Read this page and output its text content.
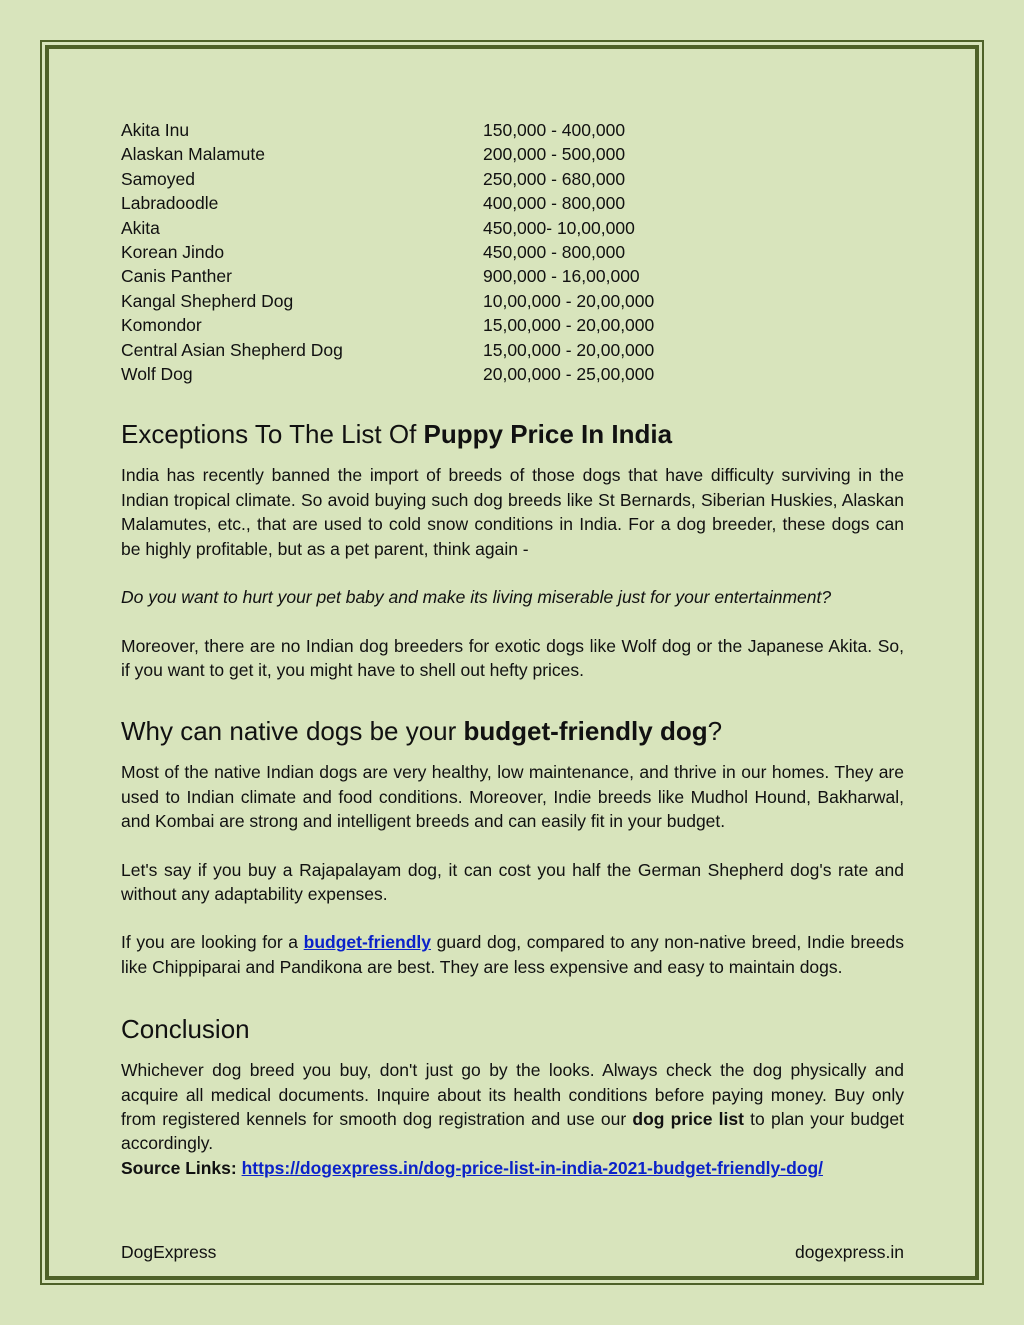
Akita Inu	150,000 - 400,000
Alaskan Malamute	200,000 - 500,000
Samoyed	250,000 - 680,000
Labradoodle	400,000 - 800,000
Akita	450,000- 10,00,000
Korean Jindo	450,000 - 800,000
Canis Panther	900,000 - 16,00,000
Kangal Shepherd Dog	10,00,000 - 20,00,000
Komondor	15,00,000 - 20,00,000
Central Asian Shepherd Dog	15,00,000 - 20,00,000
Wolf Dog	20,00,000 - 25,00,000
Exceptions To The List Of Puppy Price In India

India has recently banned the import of breeds of those dogs that have difficulty surviving in the Indian tropical climate. So avoid buying such dog breeds like St Bernards, Siberian Huskies, Alaskan Malamutes, etc., that are used to cold snow conditions in India. For a dog breeder, these dogs can be highly profitable, but as a pet parent, think again -

Do you want to hurt your pet baby and make its living miserable just for your entertainment?

Moreover, there are no Indian dog breeders for exotic dogs like Wolf dog or the Japanese Akita. So, if you want to get it, you might have to shell out hefty prices.

Why can native dogs be your budget-friendly dog?

Most of the native Indian dogs are very healthy, low maintenance, and thrive in our homes. They are used to Indian climate and food conditions. Moreover, Indie breeds like Mudhol Hound, Bakharwal, and Kombai are strong and intelligent breeds and can easily fit in your budget.

Let's say if you buy a Rajapalayam dog, it can cost you half the German Shepherd dog's rate and without any adaptability expenses.

If you are looking for a budget-friendly guard dog, compared to any non-native breed, Indie breeds like Chippiparai and Pandikona are best. They are less expensive and easy to maintain dogs.

Conclusion

Whichever dog breed you buy, don't just go by the looks. Always check the dog physically and acquire all medical documents. Inquire about its health conditions before paying money. Buy only from registered kennels for smooth dog registration and use our dog price list to plan your budget accordingly.

Source Links: https://dogexpress.in/dog-price-list-in-india-2021-budget-friendly-dog/

DogExpress	dogexpress.in
